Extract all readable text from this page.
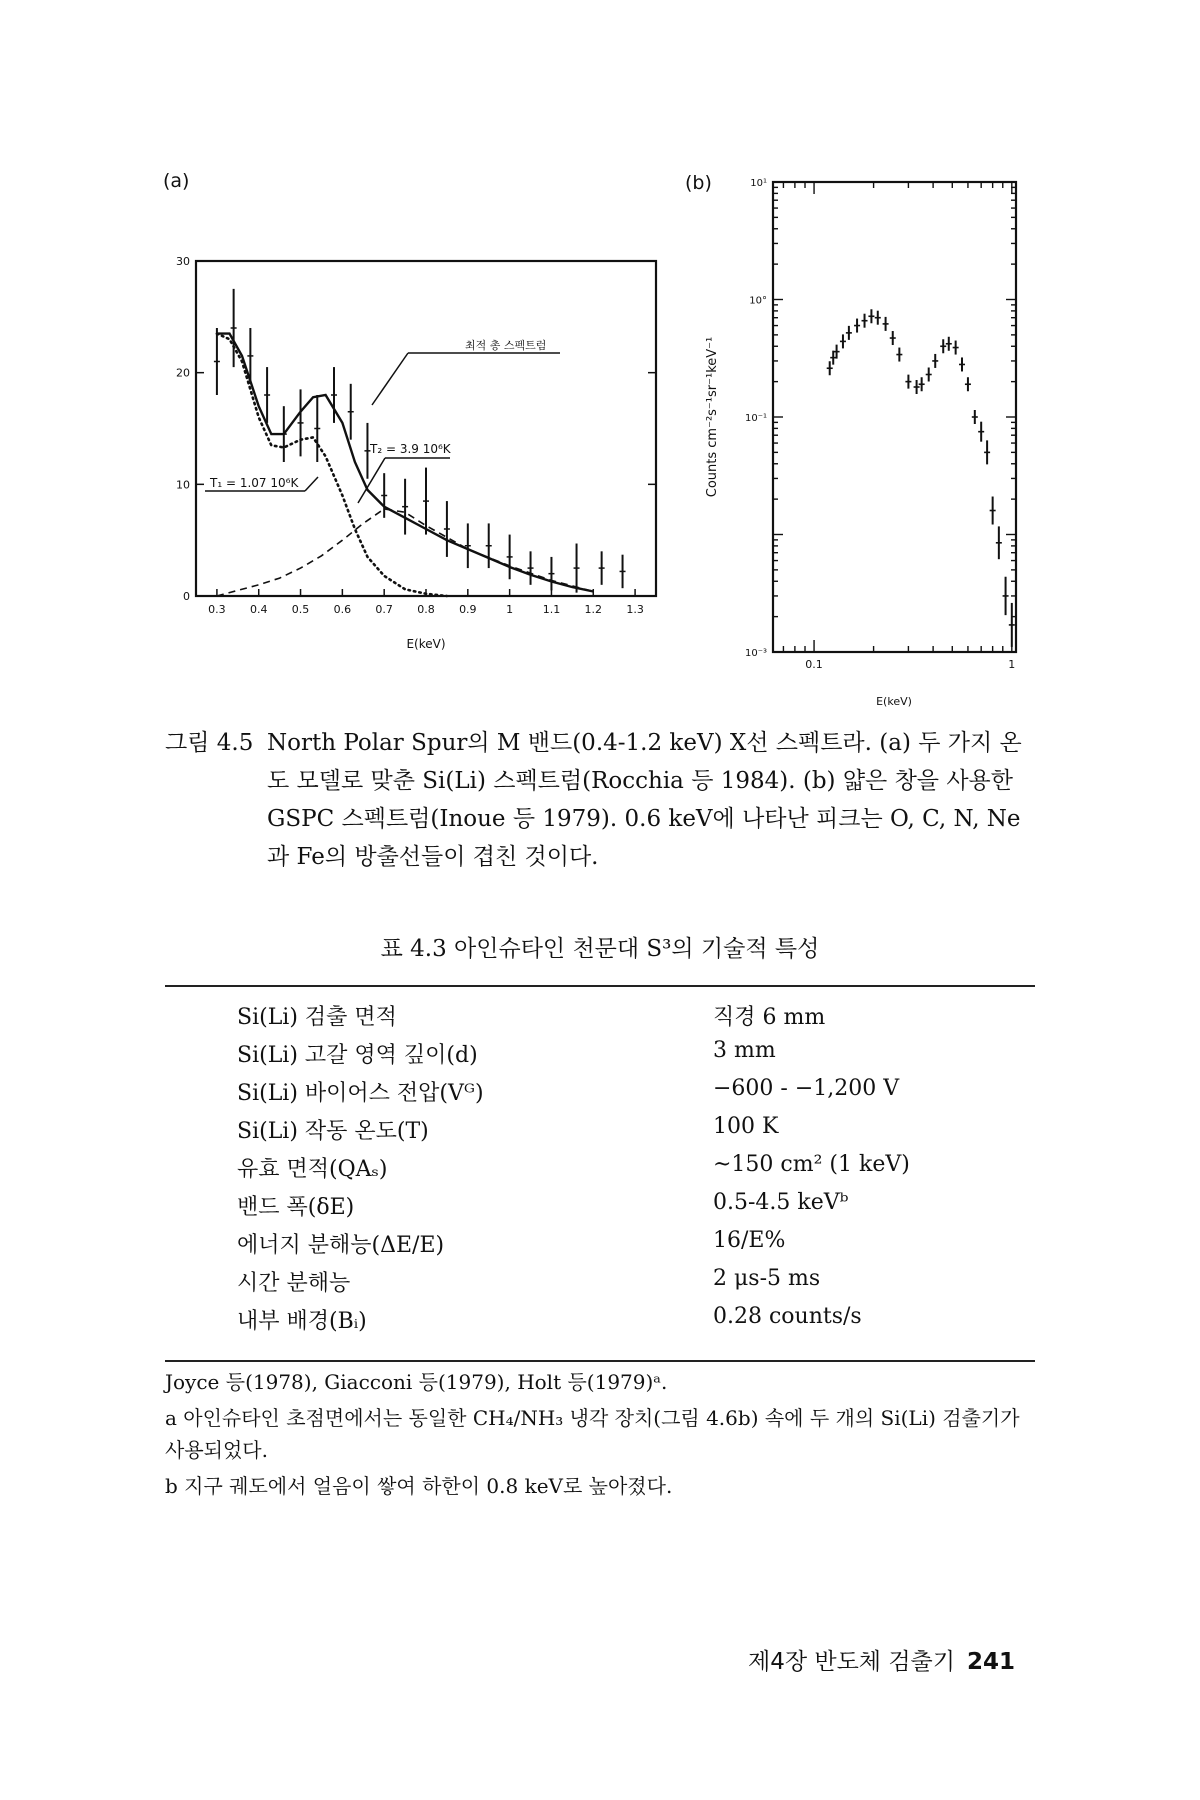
(a)	(b)
0.3 0.4 0.5 0.6 0.7 0.8 0.9	1	1.1 1.2 1.3
0
10
20
30
최적 총 스펙트럼
T₂ = 3.9 10⁶K
T₁ = 1.07 10⁶K
E(keV)
0.1	1
10⁻³
10⁻¹
10°
10¹
E(keV)
Counts cm⁻²s⁻¹sr⁻¹keV⁻¹
그림 4.5 North Polar Spur의 M 밴드(0.4-1.2 keV) X선 스펙트라. (a) 두 가지 온도 모델로 맞춘 Si(Li) 스펙트럼(Rocchia 등 1984). (b) 얇은 창을 사용한 GSPC 스펙트럼(Inoue 등 1979). 0.6 keV에 나타난 피크는 O, C, N, Ne과 Fe의 방출선들이 겹친 것이다.
표 4.3 아인슈타인 천문대 S³의 기술적 특성
Si(Li) 검출 면적	직경 6 mm
Si(Li) 고갈 영역 깊이(d)	3 mm
Si(Li) 바이어스 전압(Vᴳ)	−600 - −1,200 V
Si(Li) 작동 온도(T)	100 K
유효 면적(QAₛ)	~150 cm² (1 keV)
밴드 폭(δE)	0.5-4.5 keVᵇ
에너지 분해능(ΔE/E)	16/E%
시간 분해능	2 μs-5 ms
내부 배경(Bᵢ)	0.28 counts/s
Joyce 등(1978), Giacconi 등(1979), Holt 등(1979)ᵃ.
a 아인슈타인 초점면에서는 동일한 CH₄/NH₃ 냉각 장치(그림 4.6b) 속에 두 개의 Si(Li) 검출기가 사용되었다.
b 지구 궤도에서 얼음이 쌓여 하한이 0.8 keV로 높아졌다.
제4장 반도체 검출기 241
